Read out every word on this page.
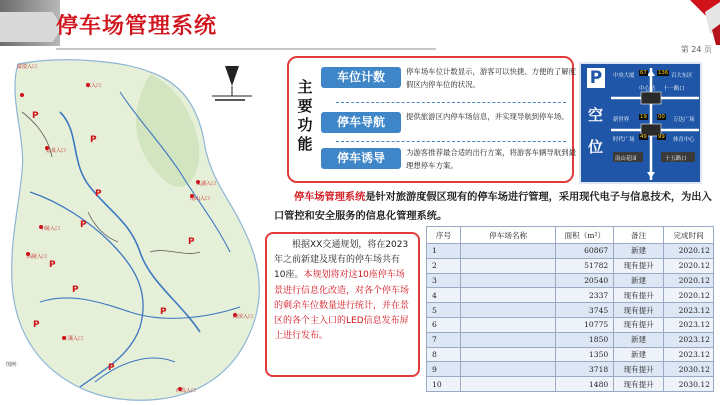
停车场管理系统
第 24 页
P
P
P
P
P
P
P
P
P
P
富漠入口
东入口
隐泉入口
太湖入口
南山入口
中陵入口
高陵入口
下溪入口
海滨入口
西岛入口
图例：
主
要
功
能
车位计数	停车场车位计数显示，游客可以快捷、方便的了解度假区内停车位的状况。
停车导航	提供旅游区内停车场信息，并实现导航到停车场。
停车诱导	为游客推荐最合适的出行方案，将游客车辆导航到最理想停车方案。
P
空
位
中央大厦 67 136 百大东区
中心站 十一路口
新世界 19 00
时代广场 49 99
万达广场
体育中心
南山花园	十五路口
停车场管理系统是针对旅游度假区现有的停车场进行管理，采用现代电子与信息技术，为出入口管控和安全服务的信息化管理系统。
根据XX交通规划，将在2023年之前新建及现有的停车场共有10座。本规划将对这10座停车场景进行信息化改造，对各个停车场的剩余车位数量进行统计，并在景区的各个主入口的LED信息发布屏上进行发布。
序号	停车场名称	面积（m²）	备注	完成时间
1		60867	新建	2020.12
2		51782	现有提升	2020.12
3		20540	新建	2020.12
4		2337	现有提升	2020.12
5		3745	现有提升	2023.12
6		10775	现有提升	2023.12
7		1850	新建	2023.12
8		1350	新建	2023.12
9		3718	现有提升	2030.12
10		1480	现有提升	2030.12
